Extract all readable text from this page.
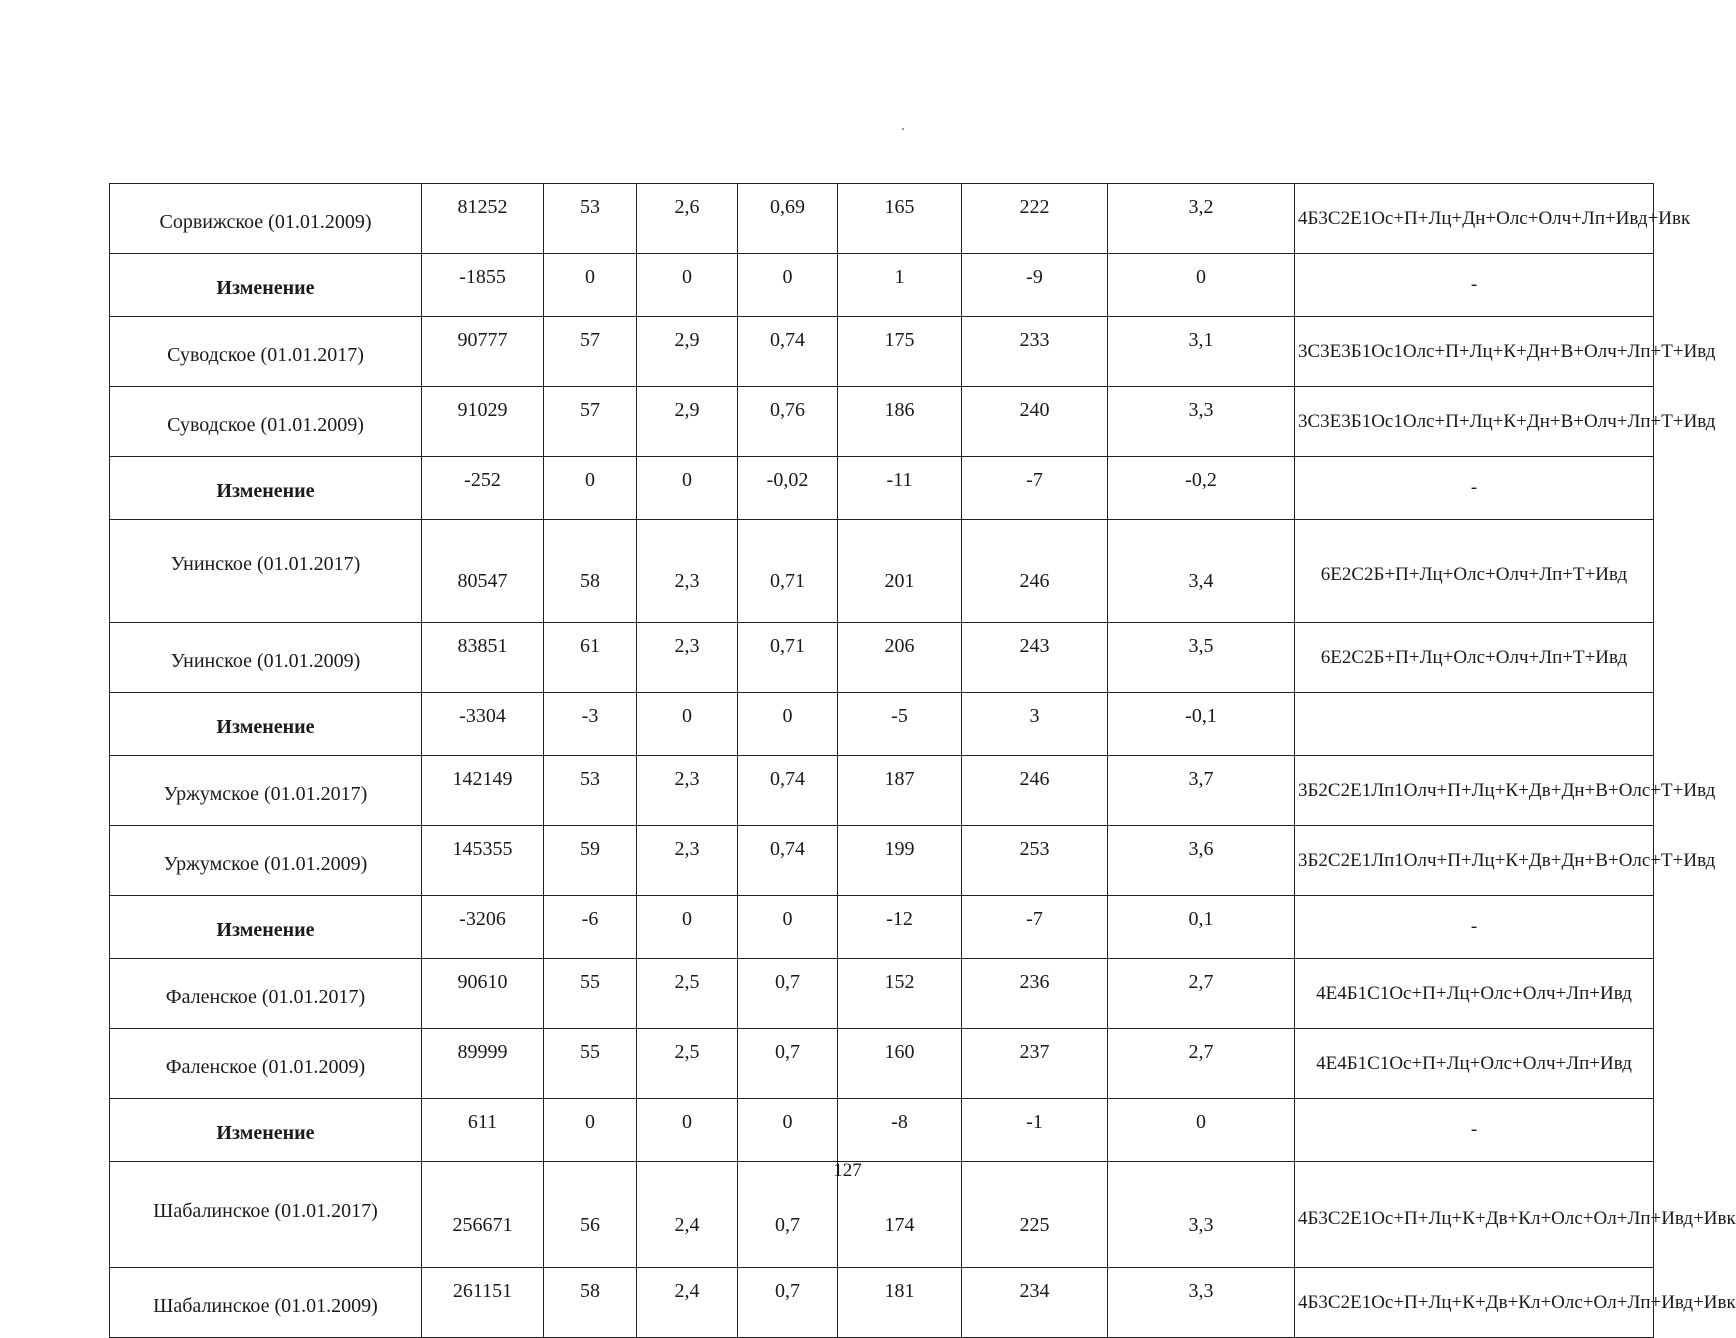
Сорвижское (01.01.2009)	81252	53	2,6	0,69	165	222	3,2	4Б3С2Е1Ос+П+Лц+Дн+Олс+Олч+Лп+Ивд+Ивк
Изменение	-1855	0	0	0	1	-9	0	-
Суводское (01.01.2017)	90777	57	2,9	0,74	175	233	3,1	3С3Е3Б1Ос1Олс+П+Лц+К+Дн+В+Олч+Лп+Т+Ивд
Суводское (01.01.2009)	91029	57	2,9	0,76	186	240	3,3	3С3Е3Б1Ос1Олс+П+Лц+К+Дн+В+Олч+Лп+Т+Ивд
Изменение	-252	0	0	-0,02	-11	-7	-0,2	-
Унинское (01.01.2017)	80547	58	2,3	0,71	201	246	3,4	6Е2С2Б+П+Лц+Олс+Олч+Лп+Т+Ивд
Унинское (01.01.2009)	83851	61	2,3	0,71	206	243	3,5	6Е2С2Б+П+Лц+Олс+Олч+Лп+Т+Ивд
Изменение	-3304	-3	0	0	-5	3	-0,1	
Уржумское (01.01.2017)	142149	53	2,3	0,74	187	246	3,7	3Б2С2Е1Лп1Олч+П+Лц+К+Дв+Дн+В+Олс+Т+Ивд
Уржумское (01.01.2009)	145355	59	2,3	0,74	199	253	3,6	3Б2С2Е1Лп1Олч+П+Лц+К+Дв+Дн+В+Олс+Т+Ивд
Изменение	-3206	-6	0	0	-12	-7	0,1	-
Фаленское (01.01.2017)	90610	55	2,5	0,7	152	236	2,7	4Е4Б1С1Ос+П+Лц+Олс+Олч+Лп+Ивд
Фаленское (01.01.2009)	89999	55	2,5	0,7	160	237	2,7	4Е4Б1С1Ос+П+Лц+Олс+Олч+Лп+Ивд
Изменение	611	0	0	0	-8	-1	0	-
Шабалинское (01.01.2017)	256671	56	2,4	0,7	174	225	3,3	4Б3С2Е1Ос+П+Лц+К+Дв+Кл+Олс+Ол+Лп+Ивд+Ивк
Шабалинское (01.01.2009)	261151	58	2,4	0,7	181	234	3,3	4Б3С2Е1Ос+П+Лц+К+Дв+Кл+Олс+Ол+Лп+Ивд+Ивк
127
